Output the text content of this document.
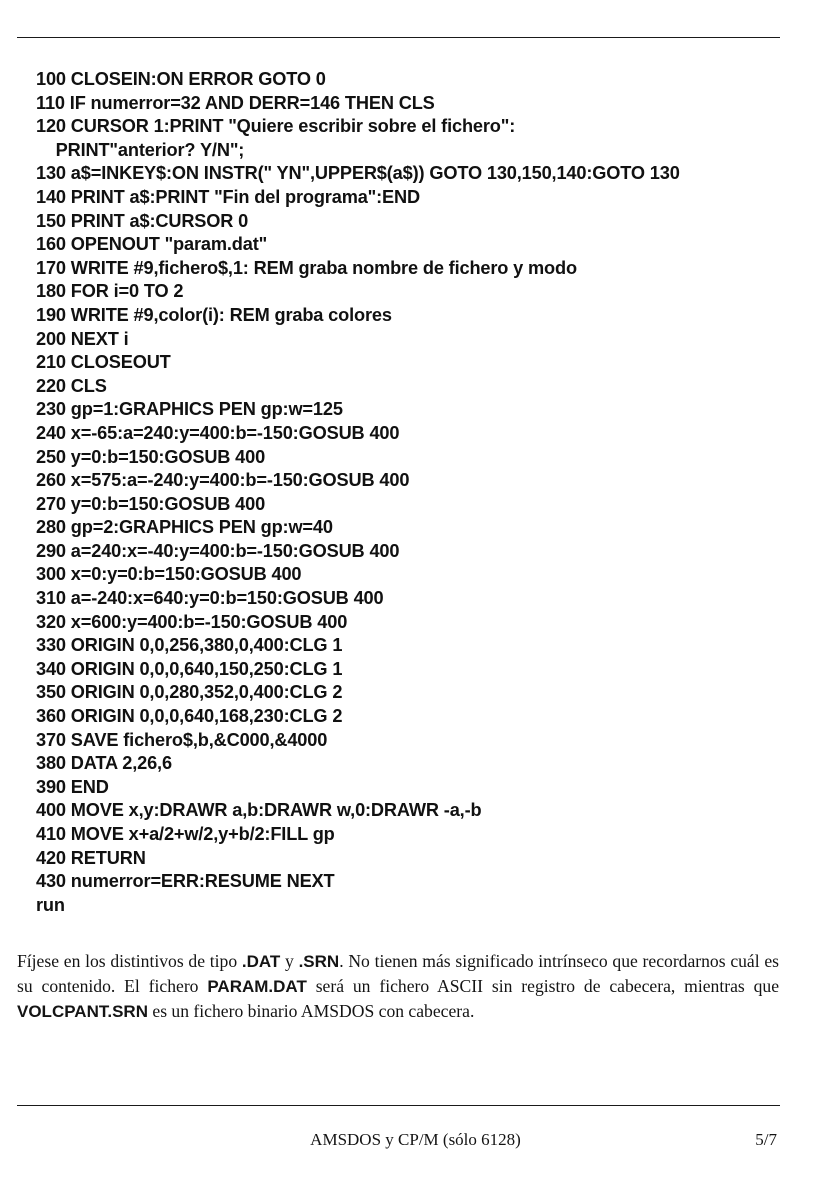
100 CLOSEIN:ON ERROR GOTO 0
110 IF numerror=32 AND DERR=146 THEN CLS
120 CURSOR 1:PRINT "Quiere escribir sobre el fichero":
PRINT"anterior? Y/N";
130 a$=INKEY$:ON INSTR(" YN",UPPER$(a$)) GOTO 130,150,140:GOTO 130
140 PRINT a$:PRINT "Fin del programa":END
150 PRINT a$:CURSOR 0
160 OPENOUT "param.dat"
170 WRITE #9,fichero$,1: REM graba nombre de fichero y modo
180 FOR i=0 TO 2
190 WRITE #9,color(i): REM graba colores
200 NEXT i
210 CLOSEOUT
220 CLS
230 gp=1:GRAPHICS PEN gp:w=125
240 x=-65:a=240:y=400:b=-150:GOSUB 400
250 y=0:b=150:GOSUB 400
260 x=575:a=-240:y=400:b=-150:GOSUB 400
270 y=0:b=150:GOSUB 400
280 gp=2:GRAPHICS PEN gp:w=40
290 a=240:x=-40:y=400:b=-150:GOSUB 400
300 x=0:y=0:b=150:GOSUB 400
310 a=-240:x=640:y=0:b=150:GOSUB 400
320 x=600:y=400:b=-150:GOSUB 400
330 ORIGIN 0,0,256,380,0,400:CLG 1
340 ORIGIN 0,0,0,640,150,250:CLG 1
350 ORIGIN 0,0,280,352,0,400:CLG 2
360 ORIGIN 0,0,0,640,168,230:CLG 2
370 SAVE fichero$,b,&C000,&4000
380 DATA 2,26,6
390 END
400 MOVE x,y:DRAWR a,b:DRAWR w,0:DRAWR -a,-b
410 MOVE x+a/2+w/2,y+b/2:FILL gp
420 RETURN
430 numerror=ERR:RESUME NEXT
run
Fíjese en los distintivos de tipo .DAT y .SRN. No tienen más significado intrínseco que recordarnos cuál es su contenido. El fichero PARAM.DAT será un fichero ASCII sin registro de cabecera, mientras que VOLCPANT.SRN es un fichero binario AMSDOS con cabecera.
AMSDOS y CP/M (sólo 6128)	5/7
